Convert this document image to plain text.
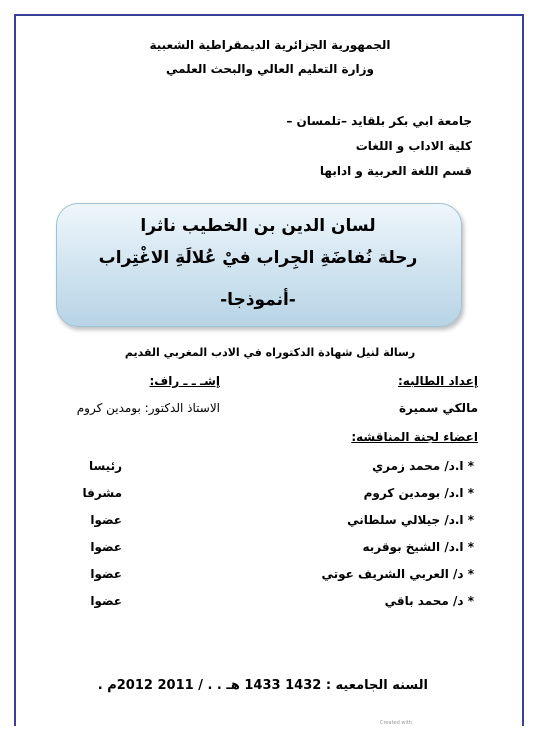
الجمهورية الجزائرية الديمقراطية الشعبية
وزارة التعليم العالي والبحث العلمي
جامعة ابي بكر بلقايد –تلمسان –
كلية الاداب و اللغات
قسم اللغة العربية و ادابها
لسان الدين بن الخطيب ناثرا
رحلة نُفاضَةِ الجِراب فيْ عُلالَةِ الاغْتِراب
-أنموذجا-
رسالة لنيل شهادة الدكتوراه في الادب المغربي القديم
إعداد الطالبه:
إشـ ـ ـ راف:
مالكي سميرة
الاستاذ الدكتور: بومدين كروم
اعضاء لجنة المناقشه:
* ا.د/ محمد زمري
رئيسا
* ا.د/ بومدين كروم
مشرفا
* ا.د/ جيلالي سلطاني
عضوا
* ا.د/ الشيخ بوقربه
عضوا
* د/ العربي الشريف عوتي
عضوا
* د/ محمد باقي
عضوا
السنه الجامعيه : 1432 1433 هـ . . / 2011 2012م .
Created with
